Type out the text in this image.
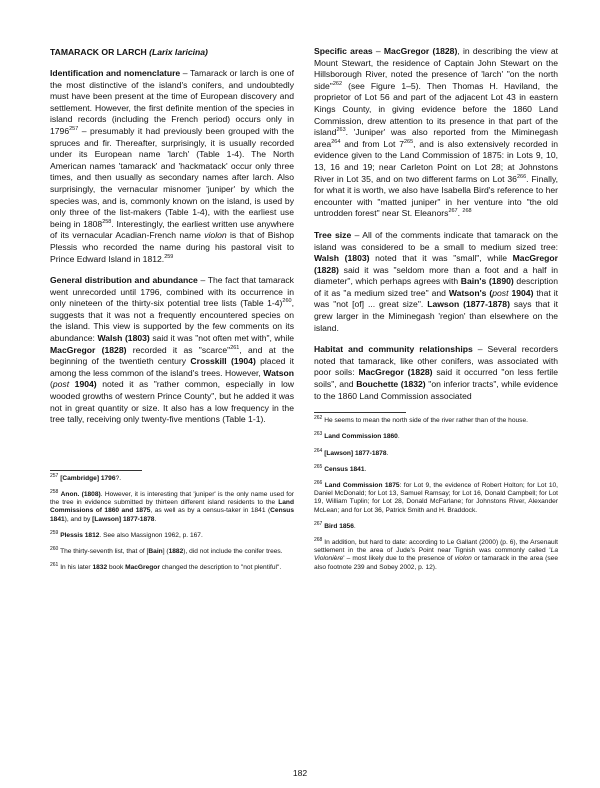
TAMARACK OR LARCH (Larix laricina)

Identification and nomenclature – Tamarack or larch is one of the most distinctive of the island's conifers, and undoubtedly must have been present at the time of European discovery and settlement. However, the first definite mention of the species in island records (including the French period) occurs only in 1796$^{257}$ – presumably it had previously been grouped with the spruces and fir. Thereafter, surprisingly, it is usually recorded under its European name 'larch' (Table 1-4). The North American names 'tamarack' and 'hackmatack' occur only three times, and then usually as secondary names after larch. Also surprisingly, the vernacular misnomer 'juniper' by which the species was, and is, commonly known on the island, is used by only three of the list-makers (Table 1-4), with the earliest use being in 1808$^{258}$. Interestingly, the earliest written use anywhere of its vernacular Acadian-French name violon is that of Bishop Plessis who recorded the name during his pastoral visit to Prince Edward Island in 1812.$^{259}$

General distribution and abundance – The fact that tamarack went unrecorded until 1796, combined with its occurrence in only nineteen of the thirty-six potential tree lists (Table 1-4)$^{260}$, suggests that it was not a frequently encountered species on the island. This view is supported by the few comments on its abundance: Walsh (1803) said it was "not often met with", while MacGregor (1828) recorded it as "scarce"$^{261}$, and at the beginning of the twentieth century Crosskill (1904) placed it among the less common of the island's trees. However, Watson (post 1904) noted it as "rather common, especially in low wooded growths of western Prince County", but he added it was not in great quantity or size. It also has a low frequency in the tree tally, receiving only twenty-five mentions (Table 1-1).

$^{257}$ [Cambridge] 1796?.

$^{258}$ Anon. (1808). However, it is interesting that 'juniper' is the only name used for the tree in evidence submitted by thirteen different island residents to the Land Commissions of 1860 and 1875, as well as by a census-taker in 1841 (Census 1841), and by [Lawson] 1877-1878.

$^{259}$ Plessis 1812. See also Massignon 1962, p. 167.

$^{260}$ The thirty-seventh list, that of [Bain] (1882), did not include the conifer trees.

$^{261}$ In his later 1832 book MacGregor changed the description to "not plentiful".

Specific areas – MacGregor (1828), in describing the view at Mount Stewart, the residence of Captain John Stewart on the Hillsborough River, noted the presence of 'larch' "on the north side"$^{262}$ (see Figure 1–5). Then Thomas H. Haviland, the proprietor of Lot 56 and part of the adjacent Lot 43 in eastern Kings County, in giving evidence before the 1860 Land Commission, drew attention to its presence in that part of the island$^{263}$. 'Juniper' was also reported from the Miminegash area$^{264}$ and from Lot $7^{265}$, and is also extensively recorded in evidence given to the Land Commission of 1875: in Lots 9, 10, 13, 16 and 19; near Carleton Point on Lot 28; at Johnstons River in Lot 35, and on two different farms on Lot $36^{266}$. Finally, for what it is worth, we also have Isabella Bird's reference to her encounter with "matted juniper" in her venture into "the old untrodden forest" near St. Eleanors$^{267}$. $^{268}$

Tree size – All of the comments indicate that tamarack on the island was considered to be a small to medium sized tree: Walsh (1803) noted that it was "small", while MacGregor (1828) said it was "seldom more than a foot and a half in diameter", which perhaps agrees with Bain's (1890) description of it as "a medium sized tree" and Watson's (post 1904) that it was "not [of] ... great size". Lawson (1877-1878) says that it grew larger in the Miminegash 'region' than elsewhere on the island.

Habitat and community relationships – Several recorders noted that tamarack, like other conifers, was associated with poor soils: MacGregor (1828) said it occurred "on less fertile soils", and Bouchette (1832) "on inferior tracts", while evidence to the 1860 Land Commission associated

$^{262}$ He seems to mean the north side of the river rather than of the house.

$^{263}$ Land Commission 1860.

$^{264}$ [Lawson] 1877-1878.

$^{265}$ Census 1841.

$^{266}$ Land Commission 1875: for Lot 9, the evidence of Robert Holton; for Lot 10, Daniel McDonald; for Lot 13, Samuel Ramsay; for Lot 16, Donald Campbell; for Lot 19, William Tuplin; for Lot 28, Donald McFarlane; for Johnstons River, Alexander McLean; and for Lot 36, Patrick Smith and H. Braddock.

$^{267}$ Bird 1856.

$^{268}$ In addition, but hard to date: according to Le Gallant (2000) (p. 6), the Arsenault settlement in the area of Jude's Point near Tignish was commonly called 'La Violonière' – most likely due to the presence of violon or tamarack in the area (see also footnote 239 and Sobey 2002, p. 12).

182
